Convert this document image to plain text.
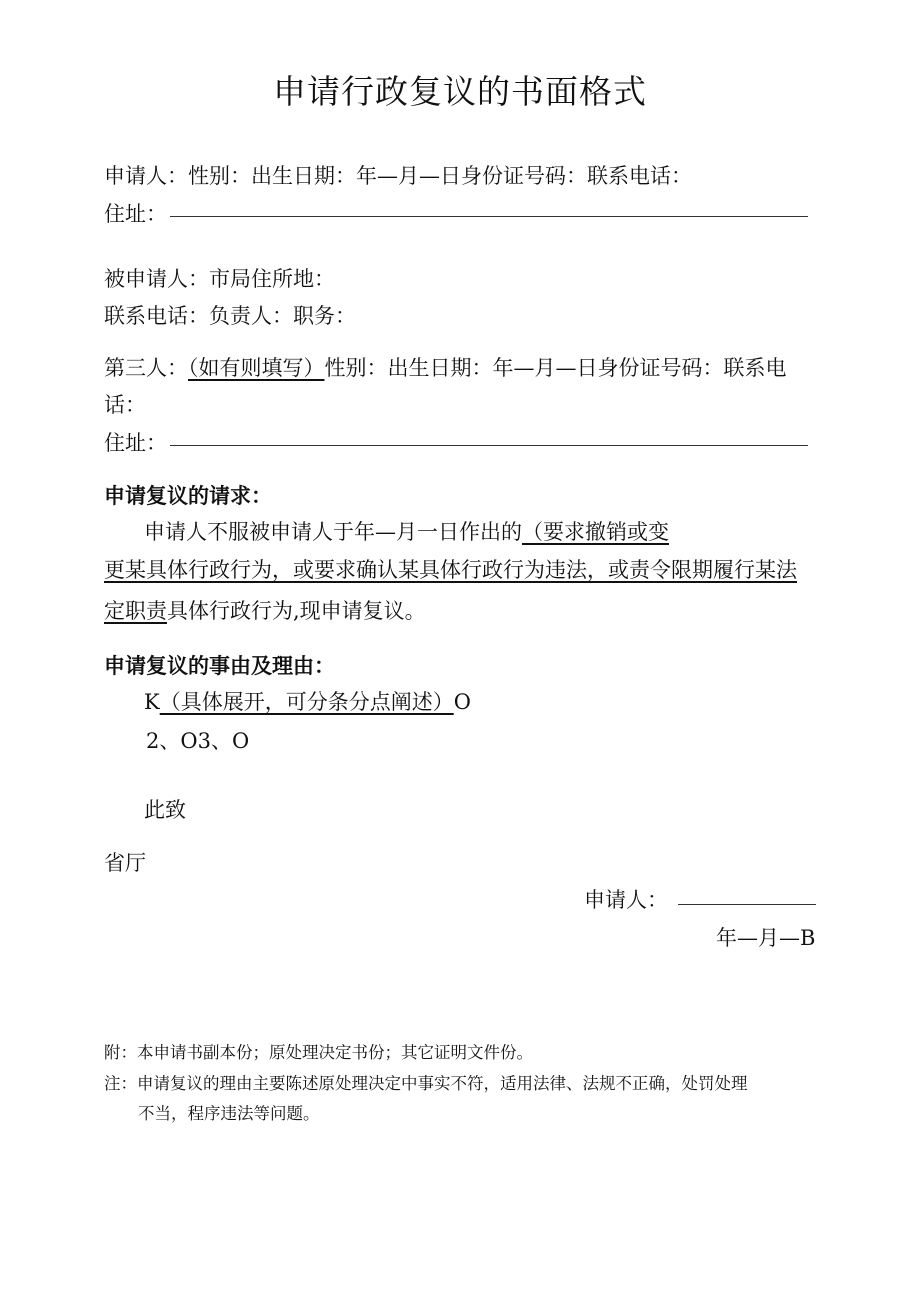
申请行政复议的书面格式
申请人：性别：出生日期：年—月—日身份证号码：联系电话：
住址：
被申请人：市局住所地：
联系电话：负责人：职务：
第三人：（如有则填写）性别：出生日期：年—月—日身份证号码：联系电
话：
住址：
申请复议的请求：
申请人不服被申请人于年—月一日作出的（要求撤销或变
更某具体行政行为，或要求确认某具体行政行为违法，或责令限期履行某法
定职责具体行政行为,现申请复议。
申请复议的事由及理由：
K（具体展开，可分条分点阐述）O
2、O3、O
此致
省厅
申请人：
年—月—B
附：本申请书副本份；原处理决定书份；其它证明文件份。
注：申请复议的理由主要陈述原处理决定中事实不符，适用法律、法规不正确，处罚处理
不当，程序违法等问题。
